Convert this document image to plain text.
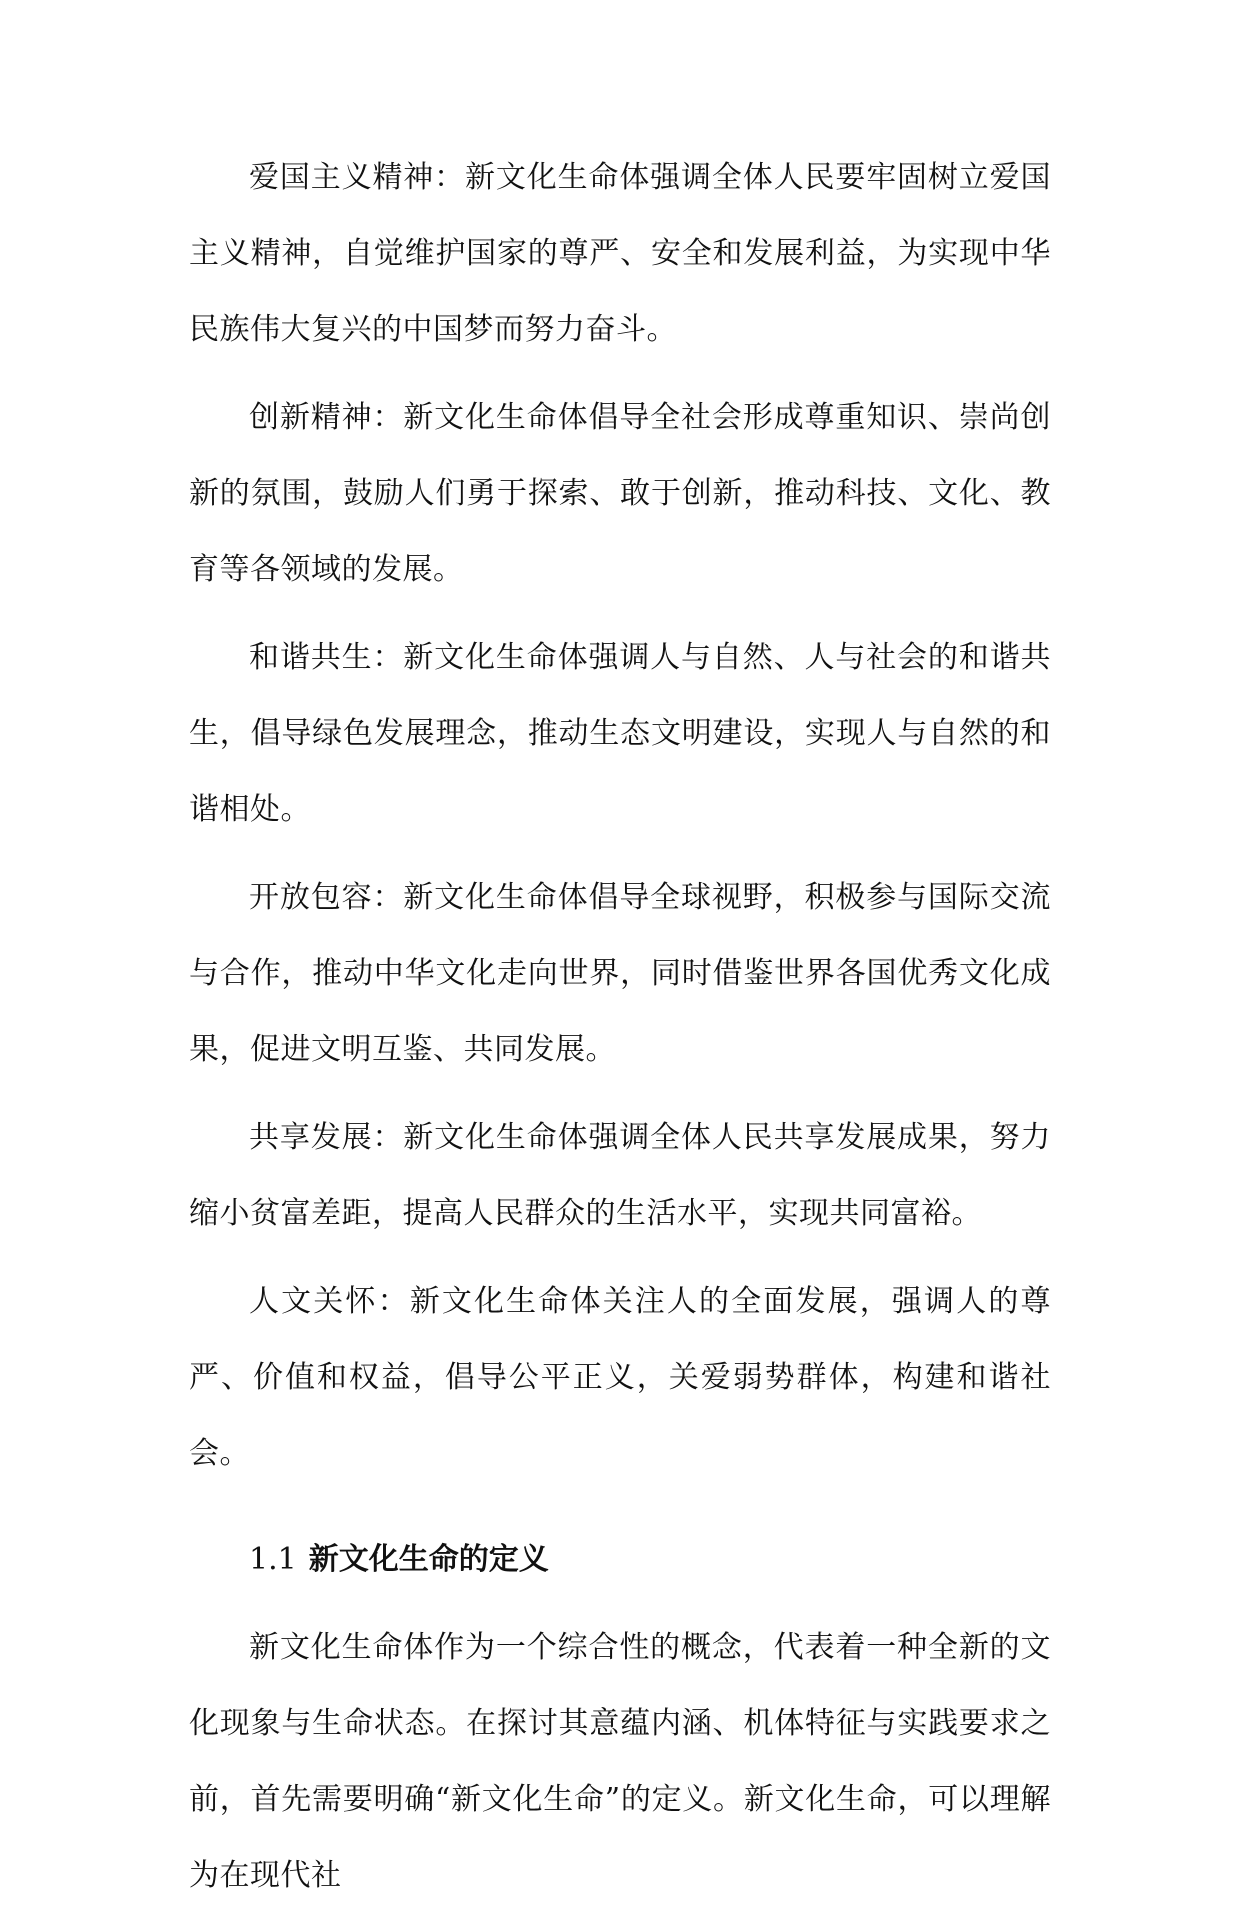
爱国主义精神：新文化生命体强调全体人民要牢固树立爱国主义精神，自觉维护国家的尊严、安全和发展利益，为实现中华民族伟大复兴的中国梦而努力奋斗。

创新精神：新文化生命体倡导全社会形成尊重知识、崇尚创新的氛围，鼓励人们勇于探索、敢于创新，推动科技、文化、教育等各领域的发展。

和谐共生：新文化生命体强调人与自然、人与社会的和谐共生，倡导绿色发展理念，推动生态文明建设，实现人与自然的和谐相处。

开放包容：新文化生命体倡导全球视野，积极参与国际交流与合作，推动中华文化走向世界，同时借鉴世界各国优秀文化成果，促进文明互鉴、共同发展。

共享发展：新文化生命体强调全体人民共享发展成果，努力缩小贫富差距，提高人民群众的生活水平，实现共同富裕。

人文关怀：新文化生命体关注人的全面发展，强调人的尊严、价值和权益，倡导公平正义，关爱弱势群体，构建和谐社会。

1.1 新文化生命的定义

新文化生命体作为一个综合性的概念，代表着一种全新的文化现象与生命状态。在探讨其意蕴内涵、机体特征与实践要求之前，首先需要明确“新文化生命”的定义。新文化生命，可以理解为在现代社
